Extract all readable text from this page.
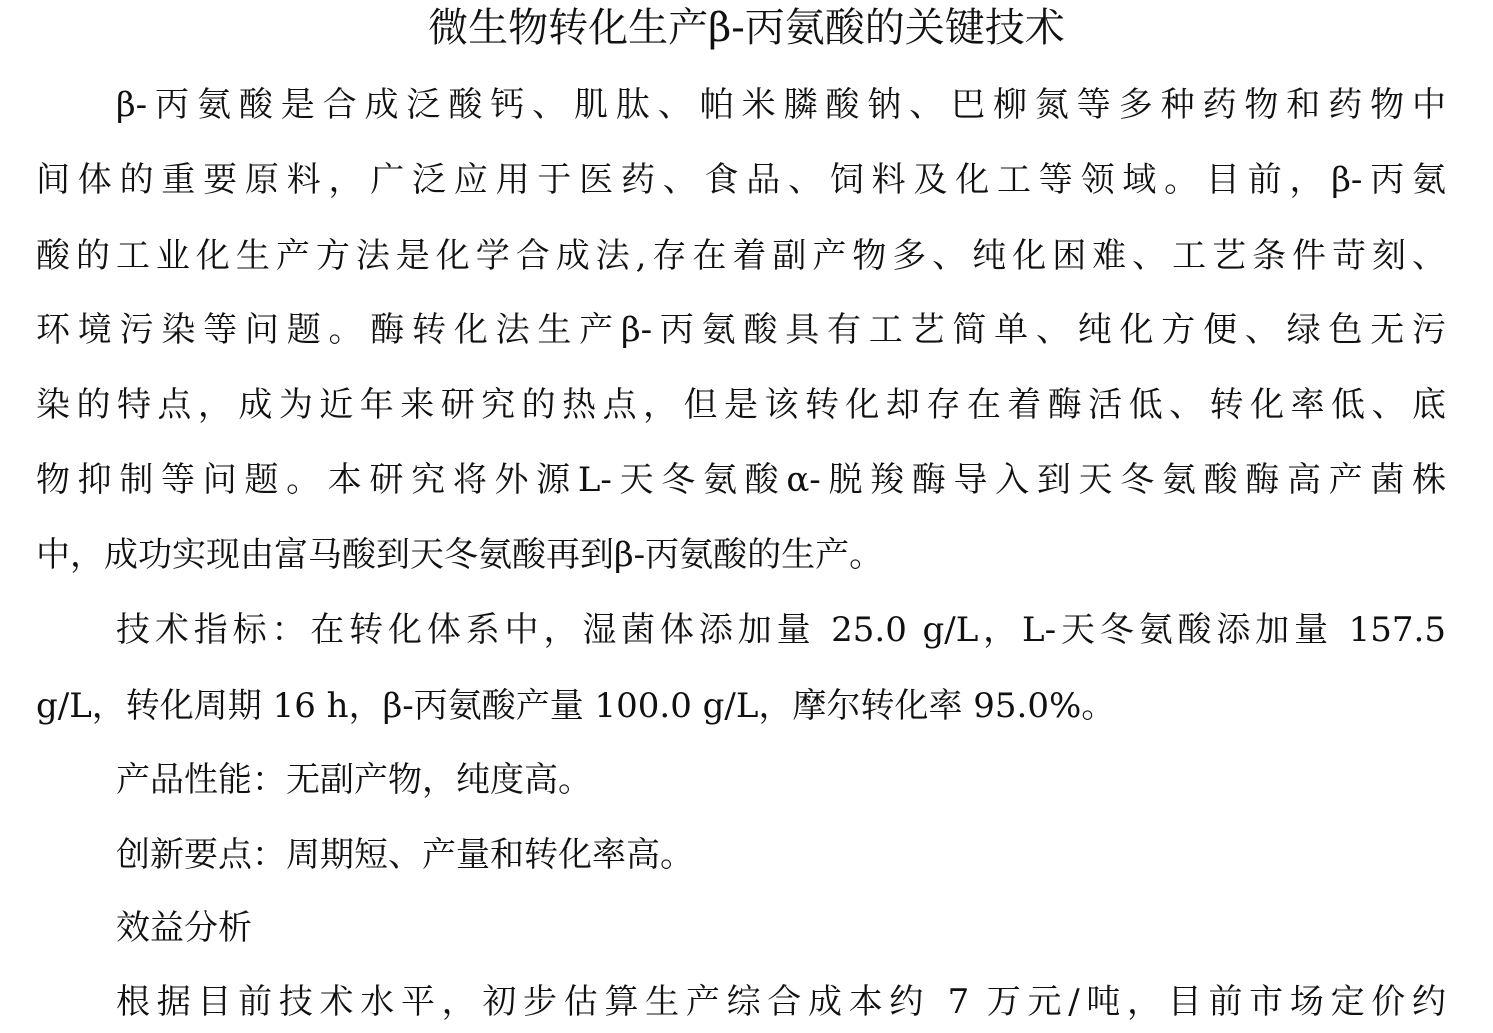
微生物转化生产β-丙氨酸的关键技术
β-丙氨酸是合成泛酸钙、肌肽、帕米膦酸钠、巴柳氮等多种药物和药物中
间体的重要原料，广泛应用于医药、食品、饲料及化工等领域。目前，β-丙氨
酸的工业化生产方法是化学合成法,存在着副产物多、纯化困难、工艺条件苛刻、
环境污染等问题。酶转化法生产β-丙氨酸具有工艺简单、纯化方便、绿色无污
染的特点，成为近年来研究的热点，但是该转化却存在着酶活低、转化率低、底
物抑制等问题。本研究将外源L-天冬氨酸α-脱羧酶导入到天冬氨酸酶高产菌株
中，成功实现由富马酸到天冬氨酸再到β-丙氨酸的生产。
技术指标：在转化体系中，湿菌体添加量 25.0 g/L，L-天冬氨酸添加量 157.5
g/L，转化周期 16 h，β-丙氨酸产量 100.0 g/L，摩尔转化率 95.0%。
产品性能：无副产物，纯度高。
创新要点：周期短、产量和转化率高。
效益分析
根据目前技术水平，初步估算生产综合成本约 7 万元/吨，目前市场定价约
